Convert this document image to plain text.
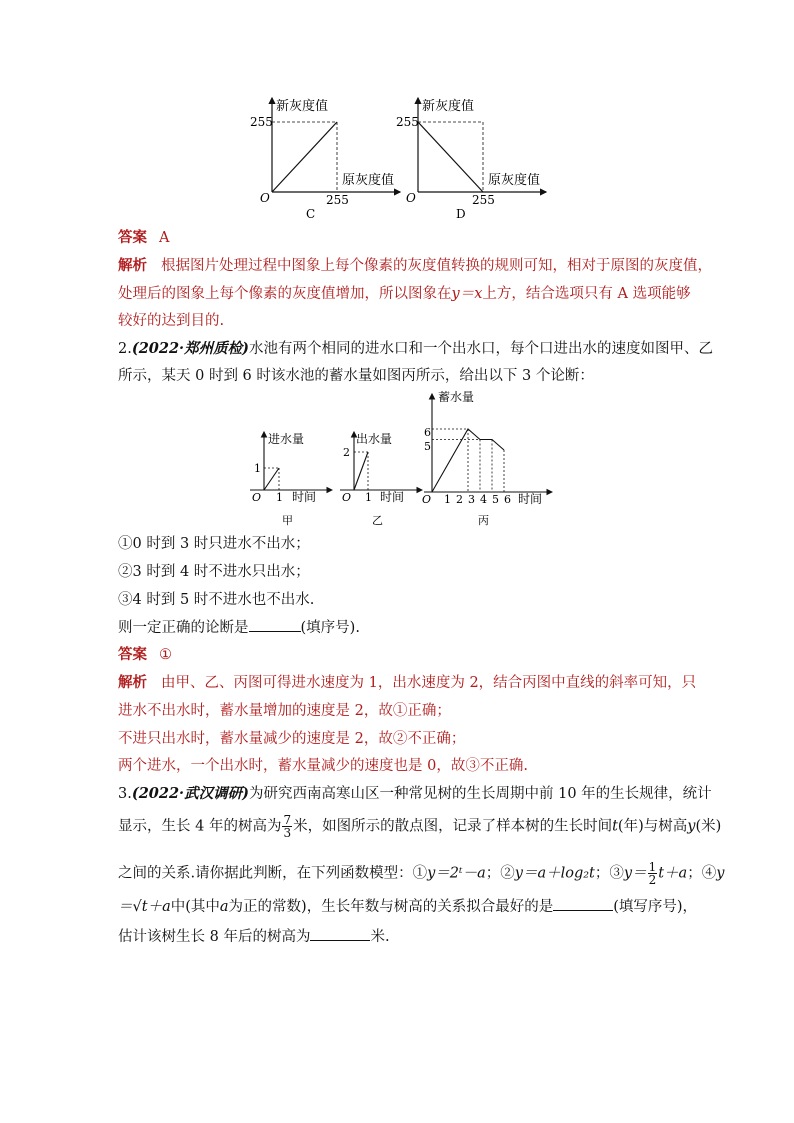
新灰度值
255
原灰度值
O	255
C
新灰度值
255
原灰度值
O	255
D
答案 A
解析 根据图片处理过程中图象上每个像素的灰度值转换的规则可知，相对于原图的灰度值，
处理后的图象上每个像素的灰度值增加，所以图象在y＝x上方，结合选项只有 A 选项能够
较好的达到目的.
2.(2022·郑州质检)水池有两个相同的进水口和一个出水口，每个口进出水的速度如图甲、乙
所示，某天 0 时到 6 时该水池的蓄水量如图丙所示，给出以下 3 个论断：
进水量
1
O 1 时间
甲
出水量
2
O 1 时间
乙
蓄水量
6
5
O 1 2 3 4 5 6 时间
丙
①0 时到 3 时只进水不出水；
②3 时到 4 时不进水只出水；
③4 时到 5 时不进水也不出水.
则一定正确的论断是	(填序号).
答案 ①
解析 由甲、乙、丙图可得进水速度为 1，出水速度为 2，结合丙图中直线的斜率可知，只
进水不出水时，蓄水量增加的速度是 2，故①正确；
不进只出水时，蓄水量减少的速度是 2，故②不正确；
两个进水，一个出水时，蓄水量减少的速度也是 0，故③不正确.
3.(2022·武汉调研)为研究西南高寒山区一种常见树的生长周期中前 10 年的生长规律，统计
显示，生长 4 年的树高为 $\frac{7}{3}$ 米，如图所示的散点图，记录了样本树的生长时间t(年)与树高y(米)
之间的关系.请你据此判断，在下列函数模型：①y＝2ᵗ－a；②y＝a＋log₂t；③y＝ $\frac{1}{2} t+a$；④y
＝√t＋a中(其中a为正的常数)，生长年数与树高的关系拟合最好的是	(填写序号)，
估计该树生长 8 年后的树高为	米.
